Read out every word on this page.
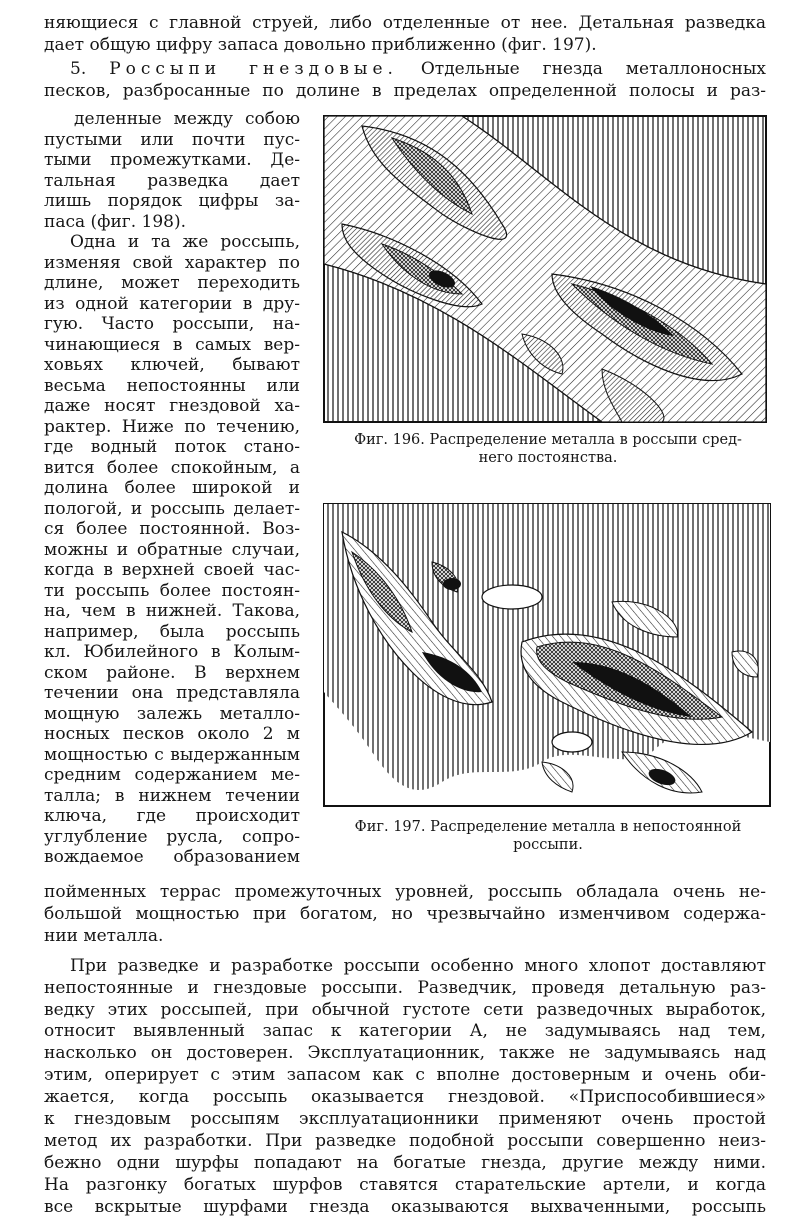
няющиеся с главной струей, либо отделенные от нее. Детальная разведка
дает общую цифру запаса довольно приближенно (фиг. 197).
5. Россыпи гнездовые. Отдельные гнезда металлоносных
песков, разбросанные по долине в пределах определенной полосы и раз-
деленные между собою
пустыми или почти пус-
тыми промежутками. Де-
тальная разведка дает
лишь порядок цифры за-
паса (фиг. 198).
Одна и та же россыпь,
изменяя свой характер по
длине, может переходить
из одной категории в дру-
гую. Часто россыпи, на-
чинающиеся в самых вер-
ховьях ключей, бывают
весьма непостоянны или
даже носят гнездовой ха-
рактер. Ниже по течению,
где водный поток стано-
вится более спокойным, а
долина более широкой и
пологой, и россыпь делает-
ся более постоянной. Воз-
можны и обратные случаи,
когда в верхней своей час-
ти россыпь более постоян-
на, чем в нижней. Такова,
например, была россыпь
кл. Юбилейного в Колым-
ском районе. В верхнем
течении она представляла
мощную залежь металло-
носных песков около 2 м
мощностью с выдержанным
средним содержанием ме-
талла; в нижнем течении
ключа, где происходит
углубление русла, сопро-
вождаемое образованием
Фиг. 196. Распределение металла в россыпи сред-
него постоянства.
Фиг. 197. Распределение металла в непостоянной
россыпи.
пойменных террас промежуточных уровней, россыпь обладала очень не-
большой мощностью при богатом, но чрезвычайно изменчивом содержа-
нии металла.
При разведке и разработке россыпи особенно много хлопот доставляют
непостоянные и гнездовые россыпи. Разведчик, проведя детальную раз-
ведку этих россыпей, при обычной густоте сети разведочных выработок,
относит выявленный запас к категории А, не задумываясь над тем,
насколько он достоверен. Эксплуатационник, также не задумываясь над
этим, оперирует с этим запасом как с вполне достоверным и очень оби-
жается, когда россыпь оказывается гнездовой. «Приспособившиеся»
к гнездовым россыпям эксплуатационники применяют очень простой
метод их разработки. При разведке подобной россыпи совершенно неиз-
бежно одни шурфы попадают на богатые гнезда, другие между ними.
На разгонку богатых шурфов ставятся старательские артели, и когда
все вскрытые шурфами гнезда оказываются выхваченными, россыпь
